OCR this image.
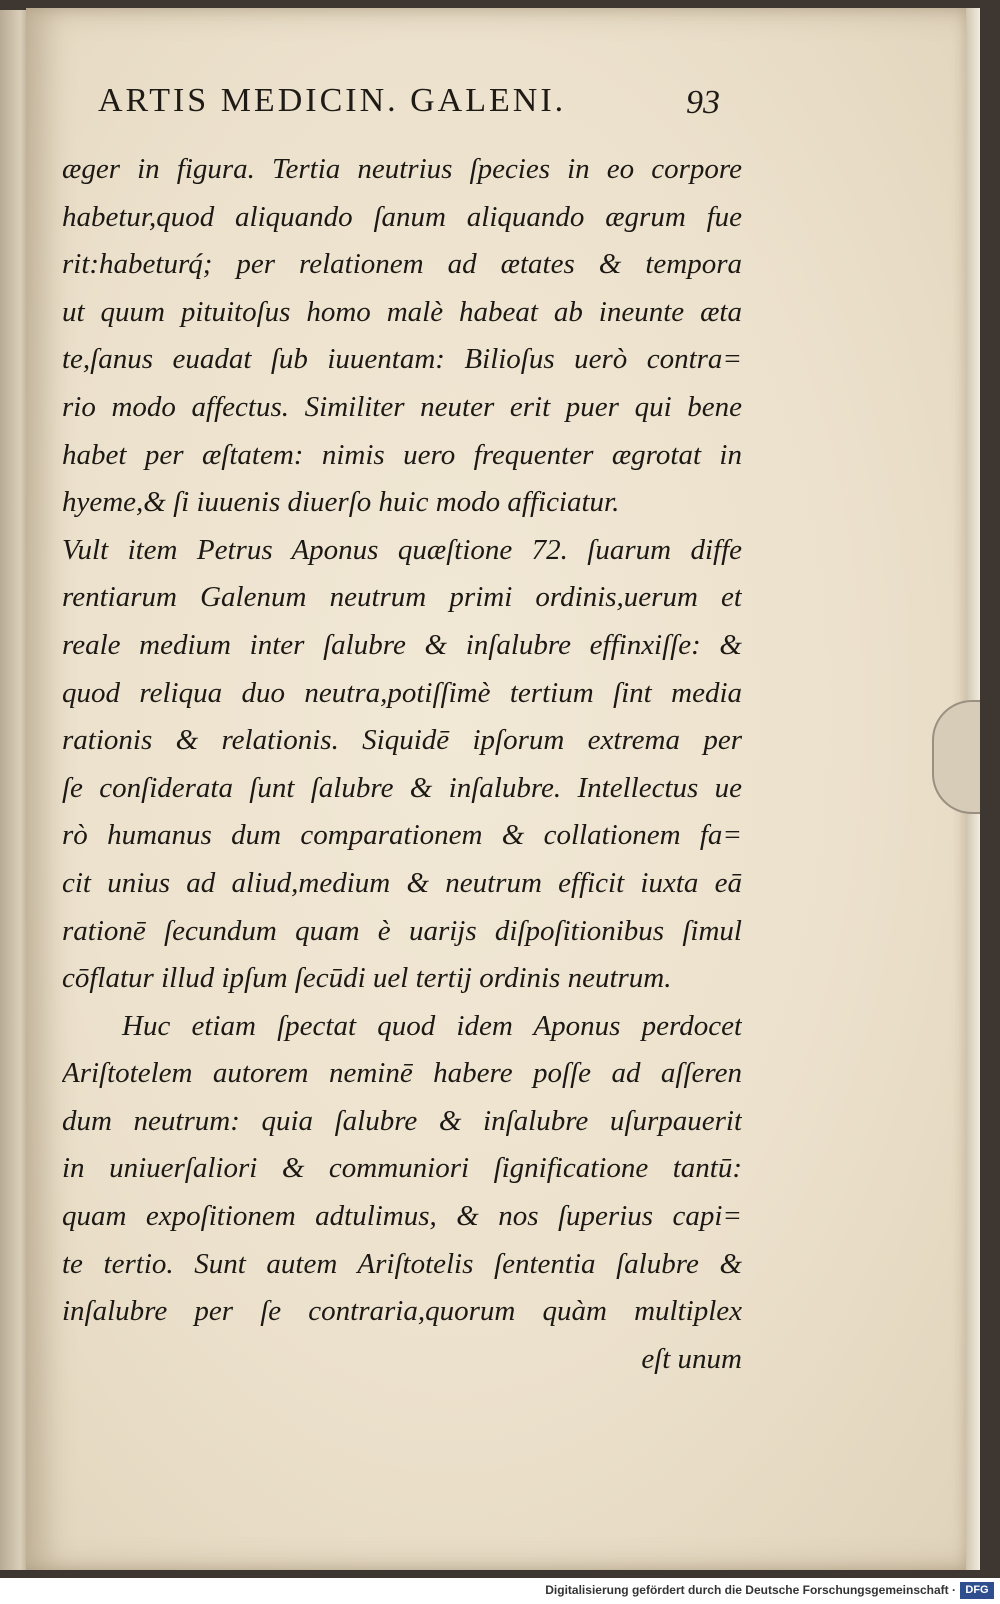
ARTIS MEDICIN. GALENI.	93
æger in figura. Tertia neutrius ſpecies in eo corpore
habetur,quod aliquando ſanum aliquando ægrum fue
rit:habeturq́; per relationem ad ætates & tempora
ut quum pituitoſus homo malè habeat ab ineunte æta
te,ſanus euadat ſub iuuentam: Bilioſus uerò contra=
rio modo affectus. Similiter neuter erit puer qui bene
habet per æſtatem: nimis uero frequenter ægrotat in
hyeme,& ſi iuuenis diuerſo huic modo afficiatur.
Vult item Petrus Aponus quæſtione 72. ſuarum diffe
rentiarum Galenum neutrum primi ordinis,uerum et
reale medium inter ſalubre & inſalubre effinxiſſe: &
quod reliqua duo neutra,potiſſimè tertium ſint media
rationis & relationis. Siquidē ipſorum extrema per
ſe conſiderata ſunt ſalubre & inſalubre. Intellectus ue
rò humanus dum comparationem & collationem fa=
cit unius ad aliud,medium & neutrum efficit iuxta eā
rationē ſecundum quam è uarijs diſpoſitionibus ſimul
cōflatur illud ipſum ſecūdi uel tertij ordinis neutrum.
Huc etiam ſpectat quod idem Aponus perdocet
Ariſtotelem autorem neminē habere poſſe ad aſſeren
dum neutrum: quia ſalubre & inſalubre uſurpauerit
in uniuerſaliori & communiori ſignificatione tantū:
quam expoſitionem adtulimus, & nos ſuperius capi=
te tertio. Sunt autem Ariſtotelis ſententia ſalubre &
inſalubre per ſe contraria,quorum quàm multiplex
eſt unum
Digitalisierung gefördert durch die Deutsche Forschungsgemeinschaft · DFG
